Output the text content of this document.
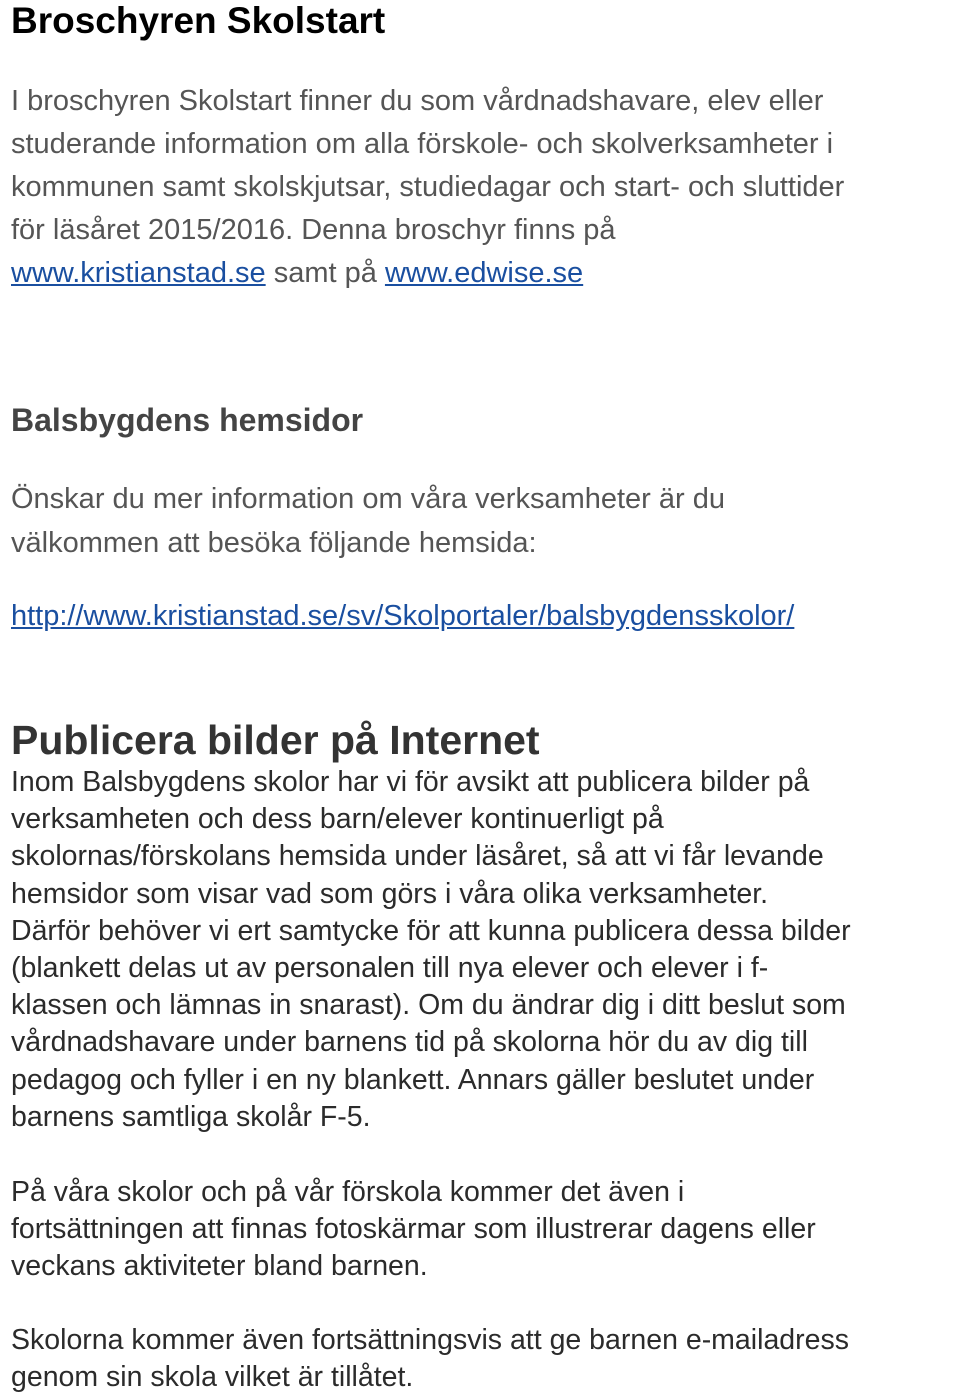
Broschyren Skolstart

I broschyren Skolstart finner du som vårdnadshavare, elev eller
studerande information om alla förskole- och skolverksamheter i
kommunen samt skolskjutsar, studiedagar och start- och sluttider
för läsåret 2015/2016. Denna broschyr finns på
www.kristianstad.se samt på www.edwise.se

Balsbygdens hemsidor

Önskar du mer information om våra verksamheter är du
välkommen att besöka följande hemsida:

http://www.kristianstad.se/sv/Skolportaler/balsbygdensskolor/

Publicera bilder på Internet

Inom Balsbygdens skolor har vi för avsikt att publicera bilder på
verksamheten och dess barn/elever kontinuerligt på
skolornas/förskolans hemsida under läsåret, så att vi får levande
hemsidor som visar vad som görs i våra olika verksamheter.
Därför behöver vi ert samtycke för att kunna publicera dessa bilder
(blankett delas ut av personalen till nya elever och elever i f-
klassen och lämnas in snarast). Om du ändrar dig i ditt beslut som
vårdnadshavare under barnens tid på skolorna hör du av dig till
pedagog och fyller i en ny blankett. Annars gäller beslutet under
barnens samtliga skolår F-5.

På våra skolor och på vår förskola kommer det även i
fortsättningen att finnas fotoskärmar som illustrerar dagens eller
veckans aktiviteter bland barnen.

Skolorna kommer även fortsättningsvis att ge barnen e-mailadress
genom sin skola vilket är tillåtet.
